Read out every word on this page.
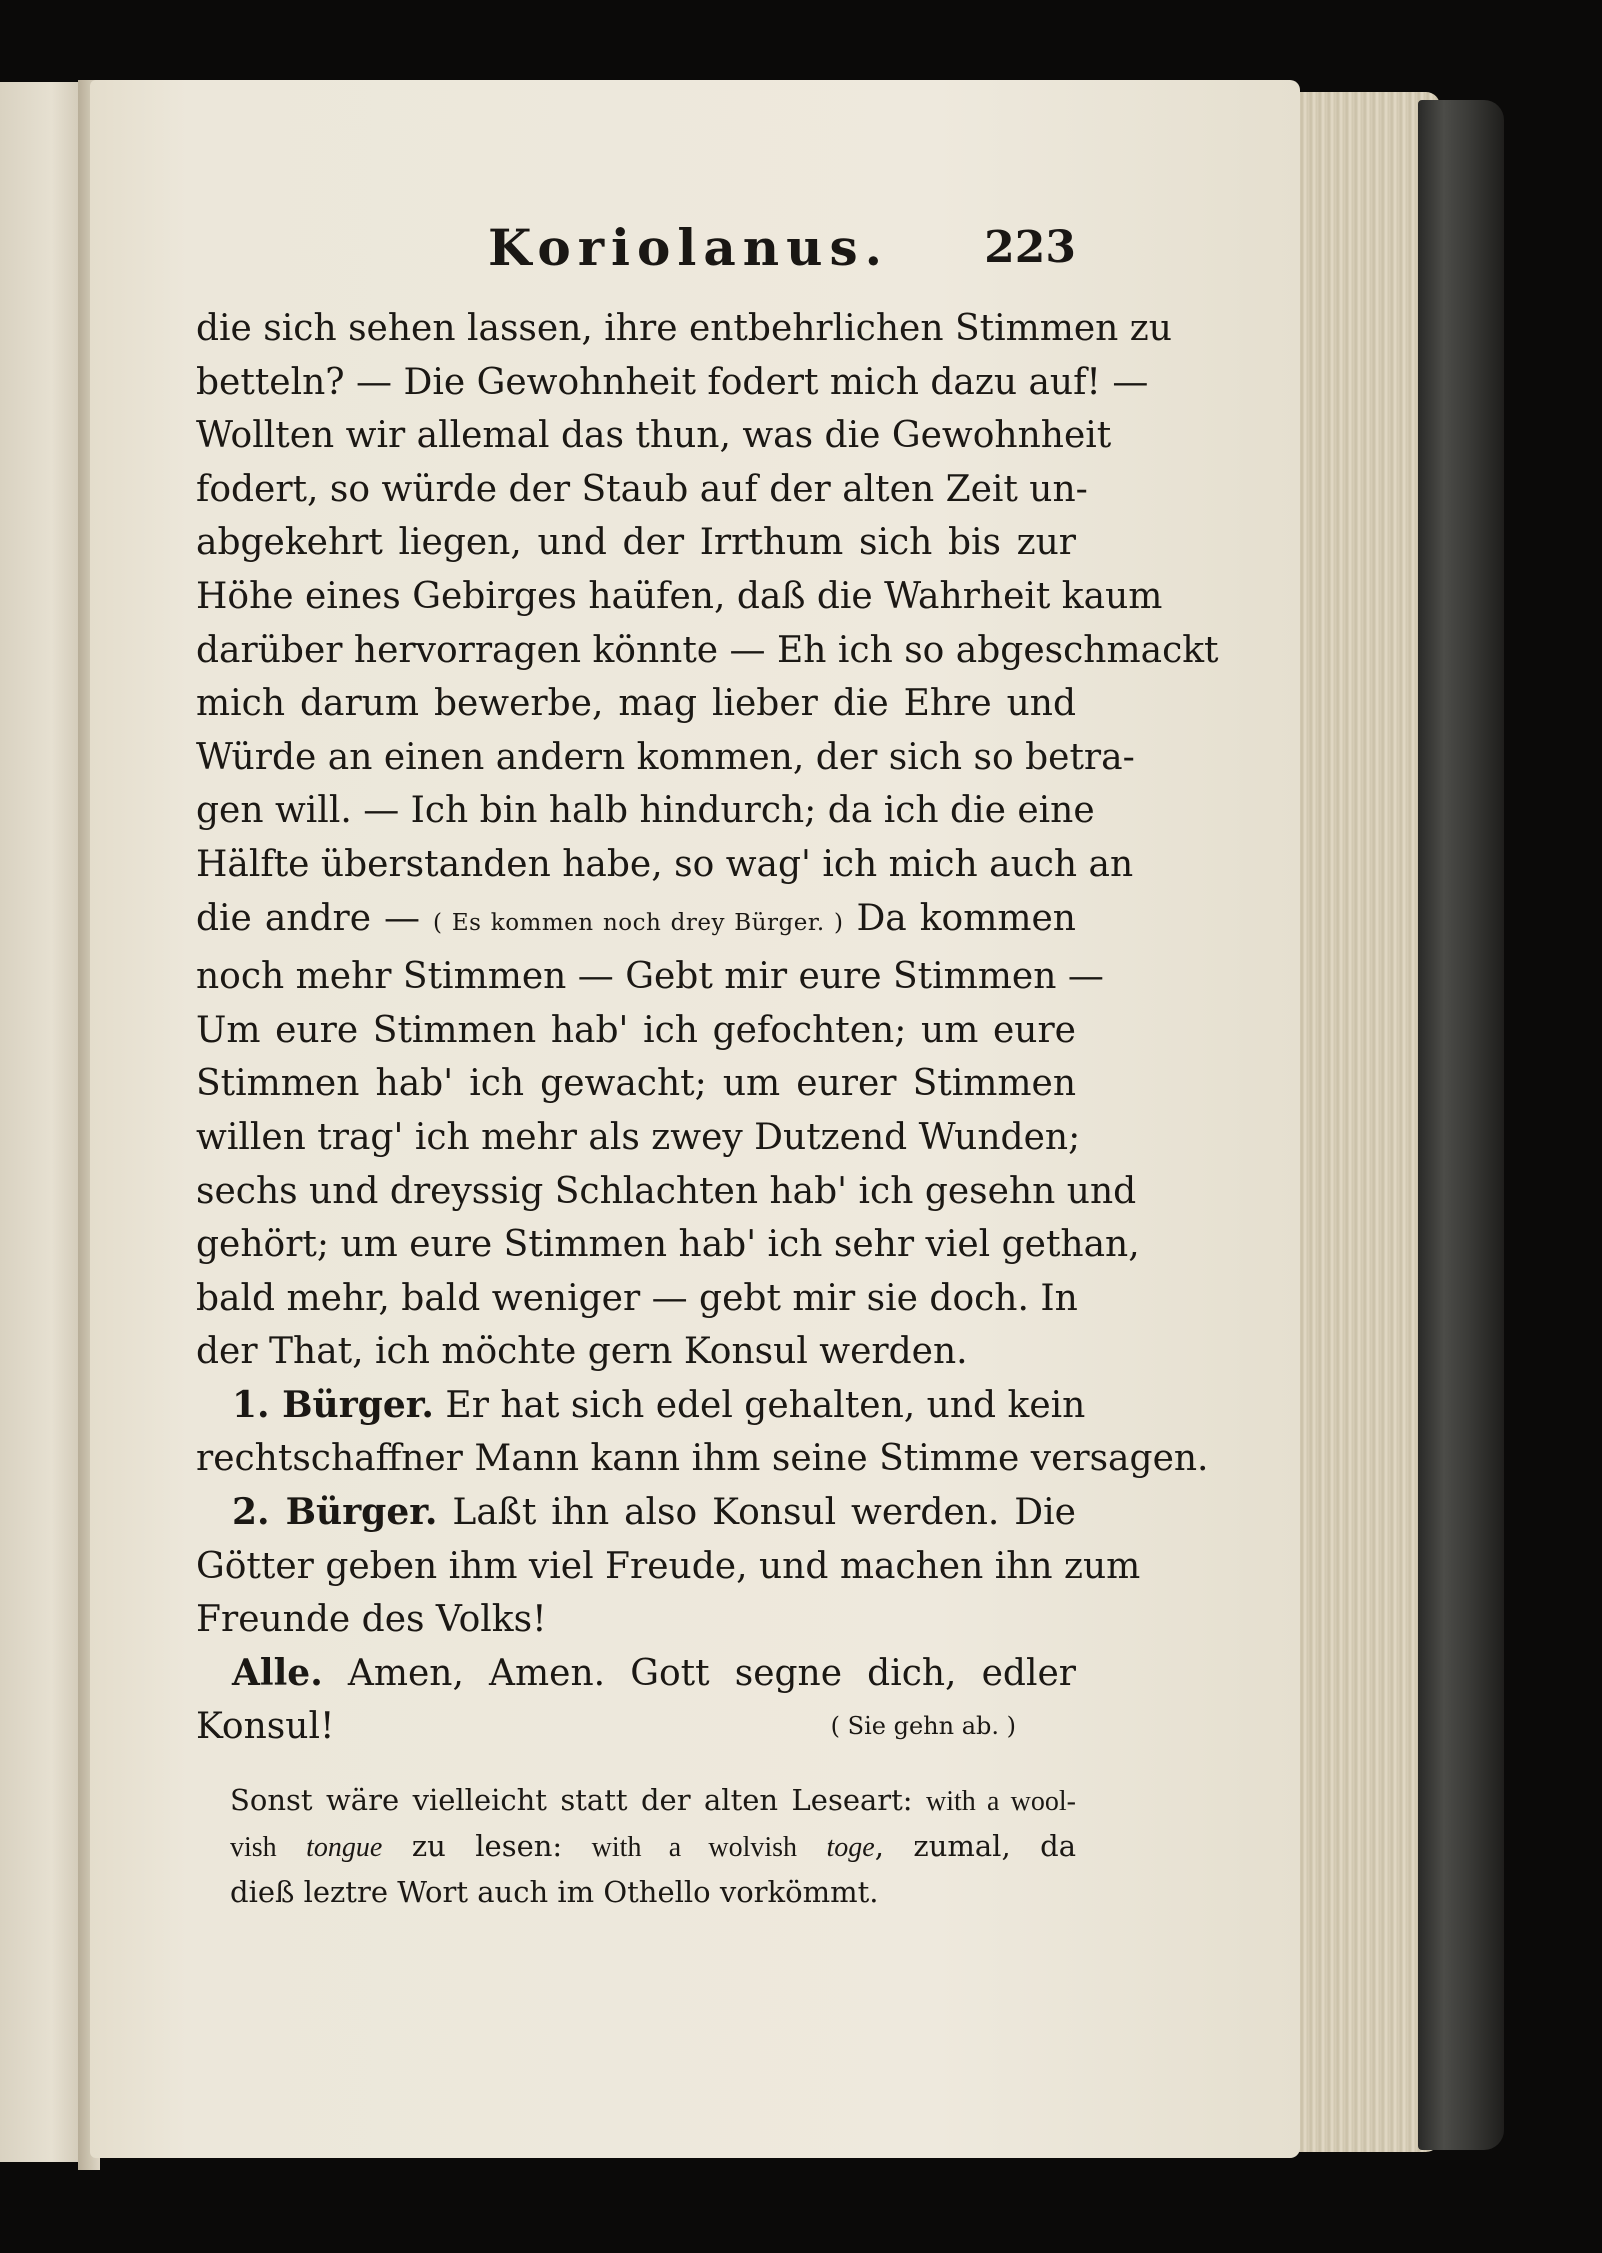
Koriolanus. 223
die sich sehen lassen, ihre entbehrlichen Stimmen zu
betteln? — Die Gewohnheit fodert mich dazu auf! —
Wollten wir allemal das thun, was die Gewohnheit
fodert, so würde der Staub auf der alten Zeit un-
abgekehrt liegen, und der Irrthum sich bis zur
Höhe eines Gebirges haüfen, daß die Wahrheit kaum
darüber hervorragen könnte — Eh ich so abgeschmackt
mich darum bewerbe, mag lieber die Ehre und
Würde an einen andern kommen, der sich so betra-
gen will. — Ich bin halb hindurch; da ich die eine
Hälfte überstanden habe, so wag' ich mich auch an
die andre — ( Es kommen noch drey Bürger. ) Da kommen
noch mehr Stimmen — Gebt mir eure Stimmen —
Um eure Stimmen hab' ich gefochten; um eure
Stimmen hab' ich gewacht; um eurer Stimmen
willen trag' ich mehr als zwey Dutzend Wunden;
sechs und dreyssig Schlachten hab' ich gesehn und
gehört; um eure Stimmen hab' ich sehr viel gethan,
bald mehr, bald weniger — gebt mir sie doch. In
der That, ich möchte gern Konsul werden.
1. Bürger. Er hat sich edel gehalten, und kein
rechtschaffner Mann kann ihm seine Stimme versagen.
2. Bürger. Laßt ihn also Konsul werden. Die
Götter geben ihm viel Freude, und machen ihn zum
Freunde des Volks!
Alle. Amen, Amen. Gott segne dich, edler
Konsul!	( Sie gehn ab. )
Sonst wäre vielleicht statt der alten Leseart: with a wool-
vish tongue zu lesen: with a wolvish toge, zumal, da
dieß leztre Wort auch im Othello vorkömmt.
